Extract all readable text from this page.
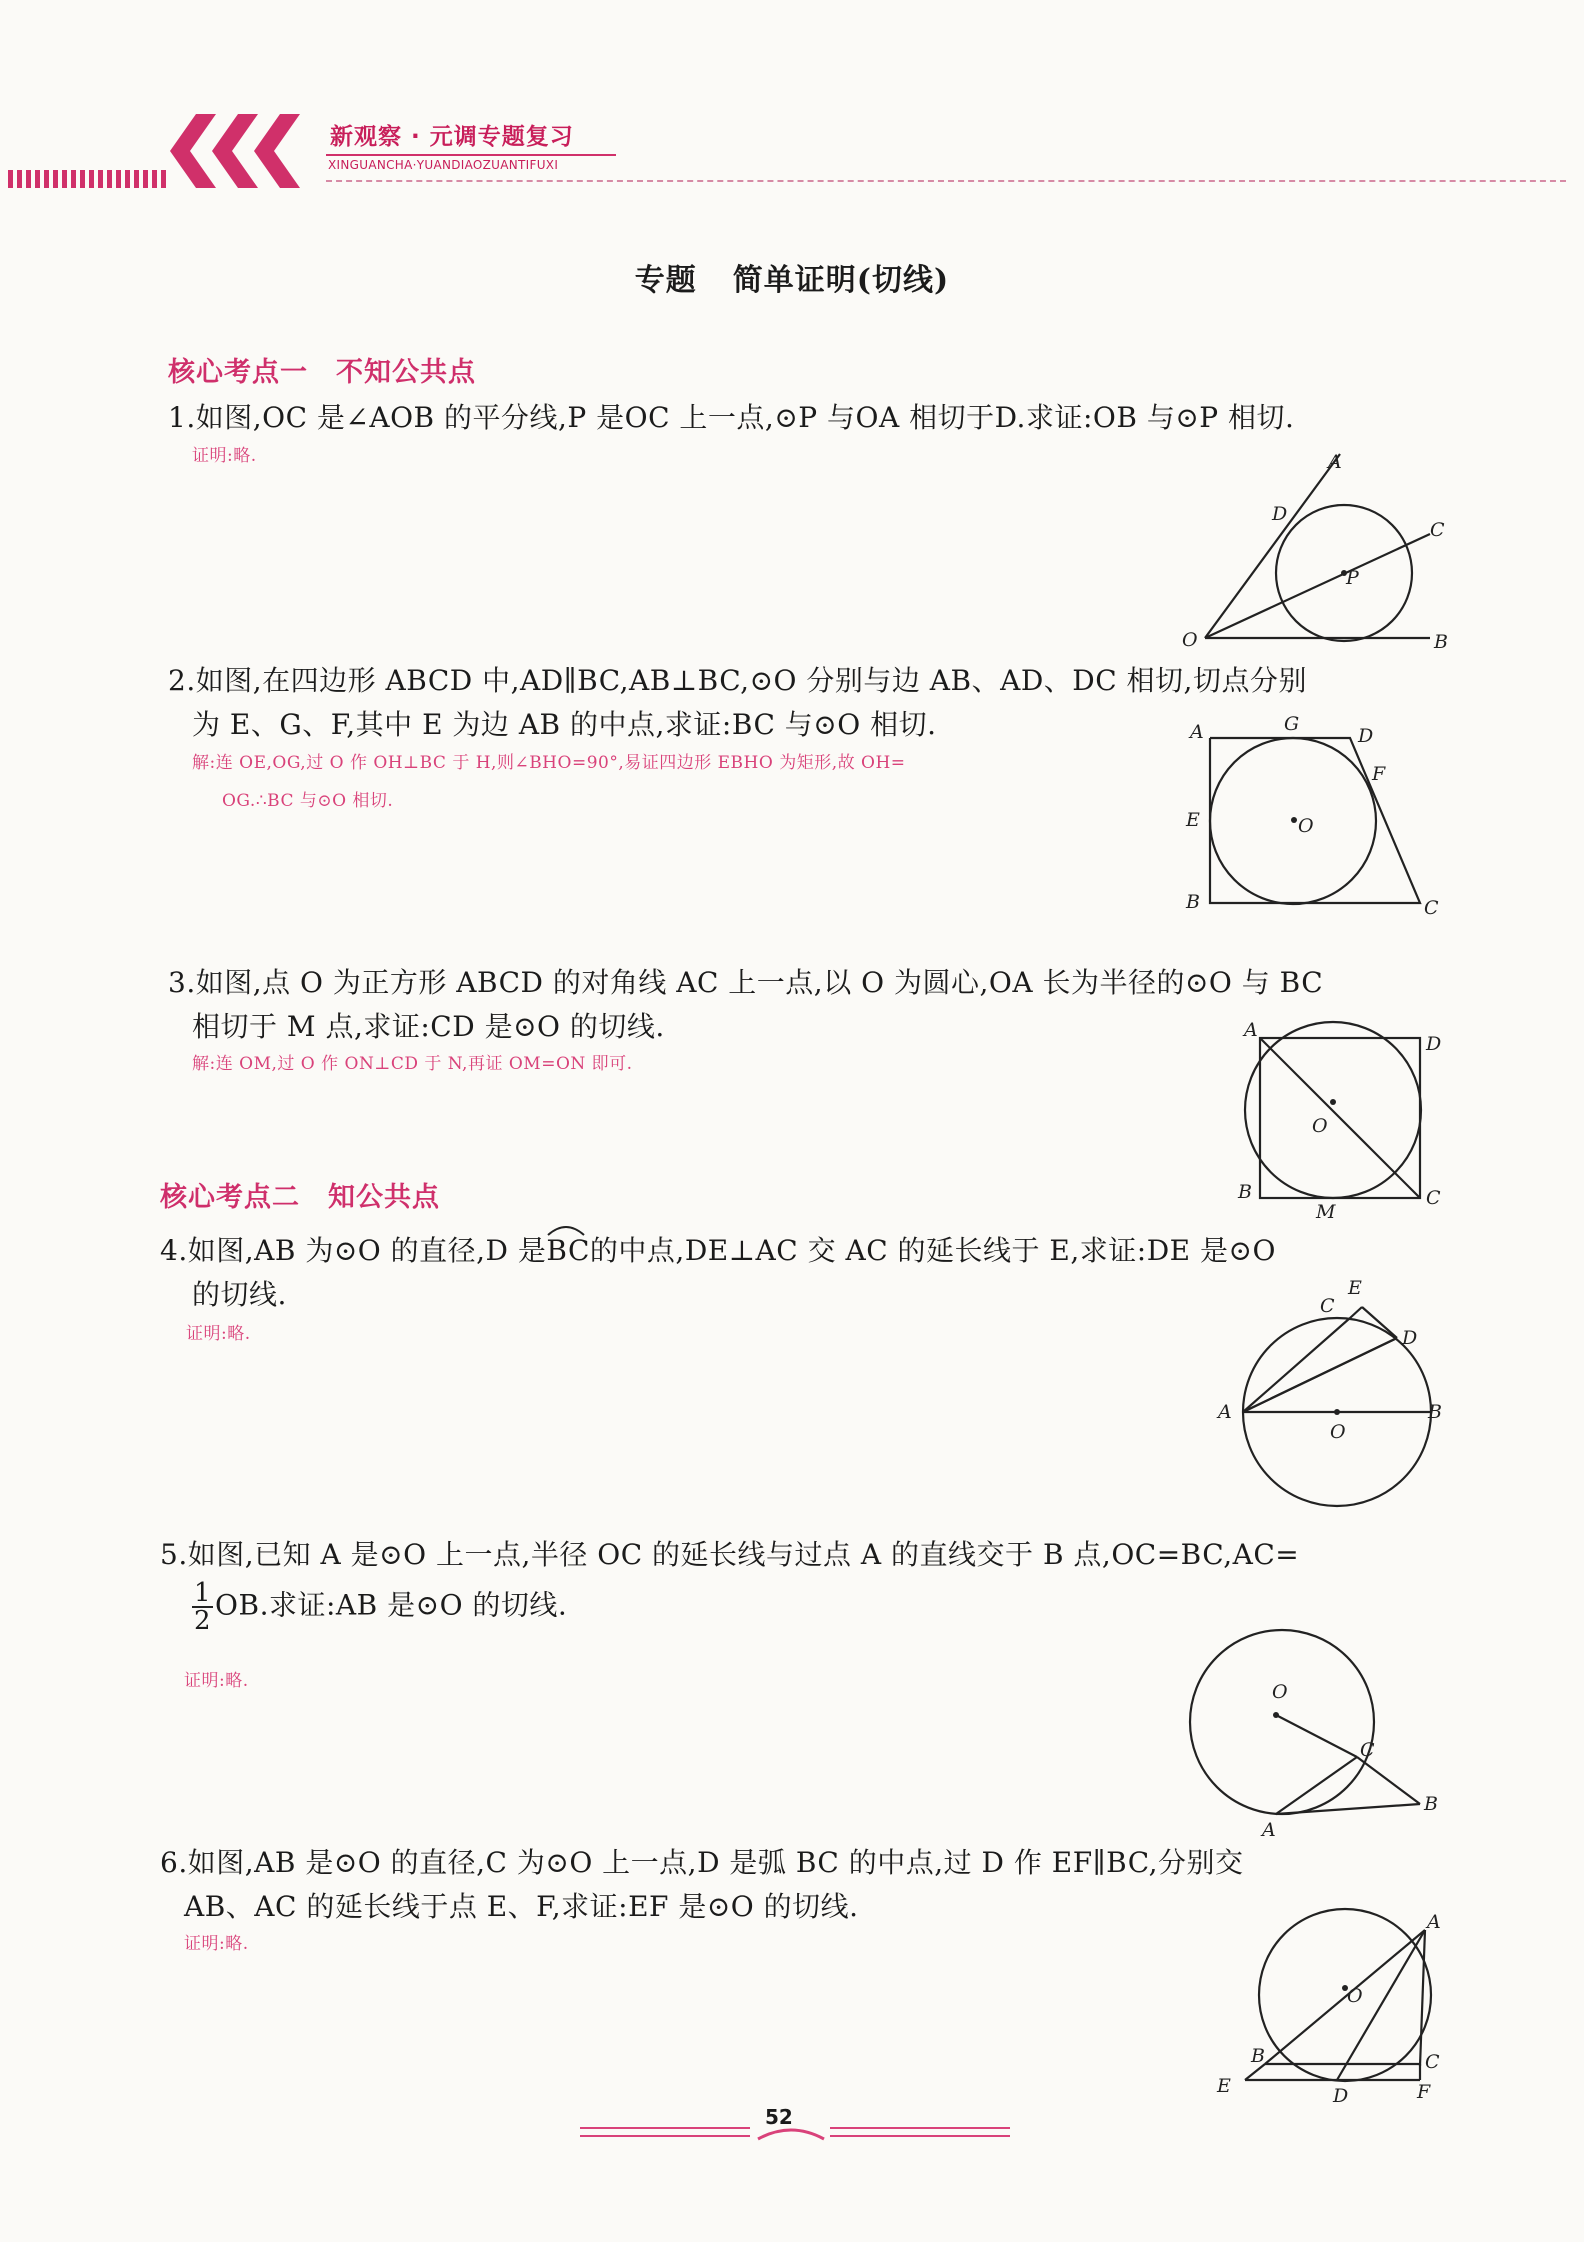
新观察 · 元调专题复习
XINGUANCHA·YUANDIAOZUANTIFUXI
专题 简单证明(切线)
核心考点一　不知公共点
1.如图,OC 是∠AOB 的平分线,P 是OC 上一点,⊙P 与OA 相切于D.求证:OB 与⊙P 相切.
证明:略.	A
D
C
P
O	B
2.如图,在四边形 ABCD 中,AD∥BC,AB⊥BC,⊙O 分别与边 AB、AD、DC 相切,切点分别
为 E、G、F,其中 E 为边 AB 的中点,求证:BC 与⊙O 相切.
解:连 OE,OG,过 O 作 OH⊥BC 于 H,则∠BHO=90°,易证四边形 EBHO 为矩形,故 OH=
OG.∴BC 与⊙O 相切.
A	G
D
F
E	O
B	C
3.如图,点 O 为正方形 ABCD 的对角线 AC 上一点,以 O 为圆心,OA 长为半径的⊙O 与 BC
相切于 M 点,求证:CD 是⊙O 的切线.
解:连 OM,过 O 作 ON⊥CD 于 N,再证 OM=ON 即可.
A
D
O
B
M
C
核心考点二　知公共点
4.如图,AB 为⊙O 的直径,D 是
BC的中点,DE⊥AC 交 AC 的延长线于 E,求证:DE 是⊙O
的切线.
证明:略.
C
E
D
A
O
B
5.如图,已知 A 是⊙O 上一点,半径 OC 的延长线与过点 A 的直线交于 B 点,OC=BC,AC=
$\frac{1}{2}$ OB.求证:AB 是⊙O 的切线.
证明:略.	O
C
A
B
6.如图,AB 是⊙O 的直径,C 为⊙O 上一点,D 是弧 BC 的中点,过 D 作 EF∥BC,分别交
AB、AC 的延长线于点 E、F,求证:EF 是⊙O 的切线.
证明:略.
A
O
B	C
E	D	F
52
